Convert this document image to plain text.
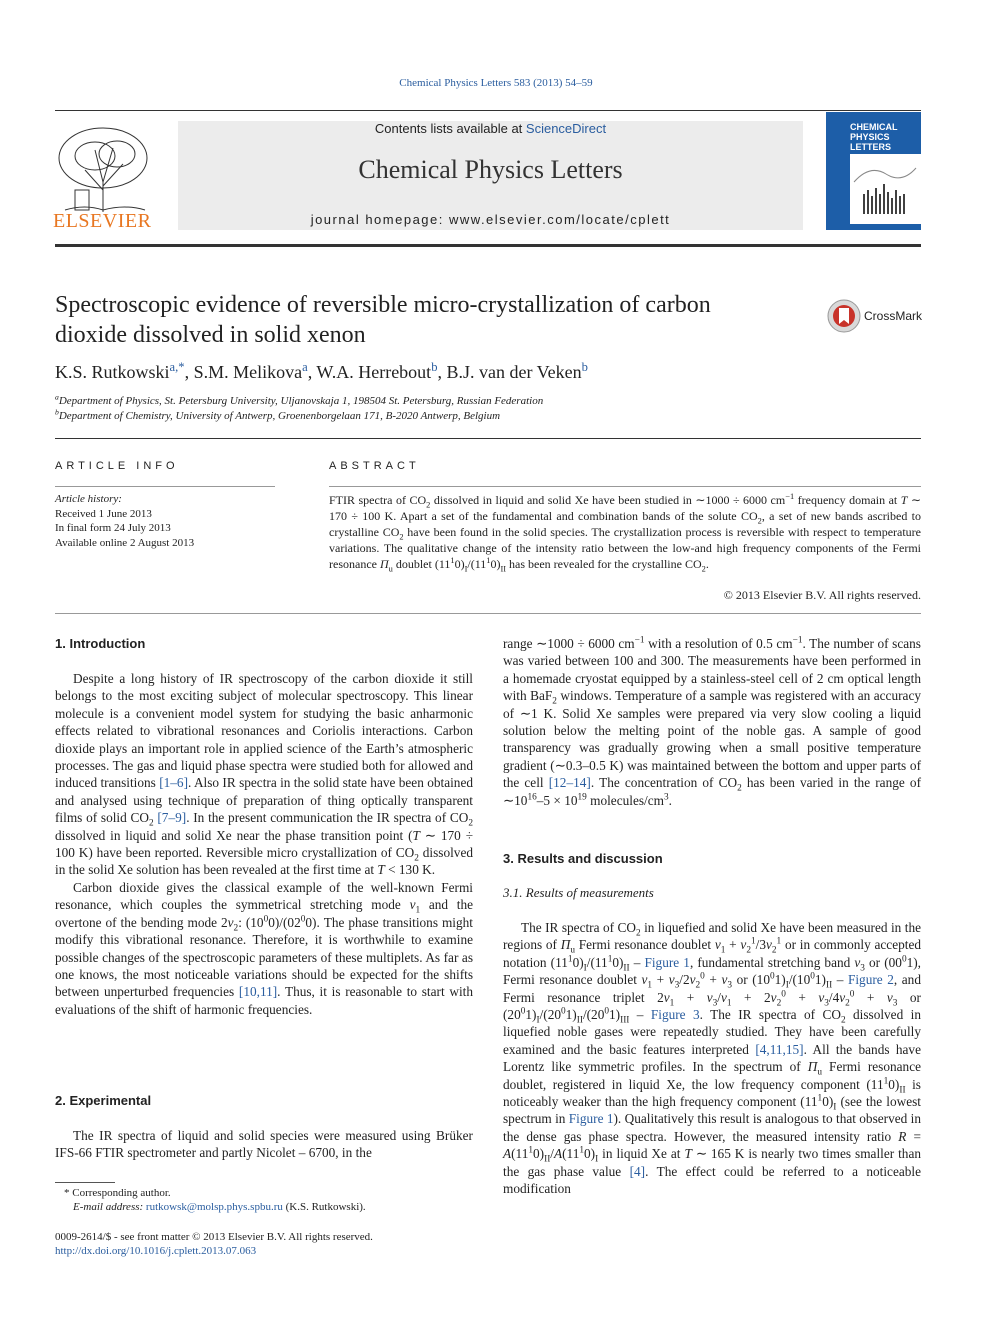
Chemical Physics Letters 583 (2013) 54–59
ELSEVIER
Contents lists available at ScienceDirect
Chemical Physics Letters
journal homepage: www.elsevier.com/locate/cplett
CHEMICAL
PHYSICS
LETTERS
Spectroscopic evidence of reversible micro-crystallization of carbon
dioxide dissolved in solid xenon
CrossMark
K.S. Rutkowski$^{a,*}$, S.M. Melikova$^a$, W.A. Herrebout$^b$, B.J. van der Veken$^b$
$^a$Department of Physics, St. Petersburg University, Uljanovskaja 1, 198504 St. Petersburg, Russian Federation
$^b$Department of Chemistry, University of Antwerp, Groenenborgelaan 171, B-2020 Antwerp, Belgium
ARTICLE INFO
Article history:
Received 1 June 2013
In final form 24 July 2013
Available online 2 August 2013
ABSTRACT
FTIR spectra of $CO_2$ dissolved in liquid and solid Xe have been studied in ∼1000 ÷ 6000 $cm^{-1}$ frequency domain at T ∼ 170 ÷ 100 K. Apart a set of the fundamental and combination bands of the solute $CO_2$, a set of new bands ascribed to crystalline $CO_2$ have been found in the solid species. The crystallization process is reversible with respect to temperature variations. The qualitative change of the intensity ratio between the low-and high frequency components of the Fermi resonance $\Pi_u$ doublet $(11^10)_I/(11^10)_{II}$ has been revealed for the crystalline $CO_2$.
© 2013 Elsevier B.V. All rights reserved.
1. Introduction

Despite a long history of IR spectroscopy of the carbon dioxide it still belongs to the most exciting subject of molecular spectroscopy. This linear molecule is a convenient model system for studying the basic anharmonic effects related to vibrational resonances and Coriolis interactions. Carbon dioxide plays an important role in applied science of the Earth’s atmospheric processes. The gas and liquid phase spectra were studied both for allowed and induced transitions [1–6]. Also IR spectra in the solid state have been obtained and analysed using technique of preparation of thing optically transparent films of solid $CO_2$ [7–9]. In the present communication the IR spectra of $CO_2$ dissolved in liquid and solid Xe near the phase transition point (T ∼ 170 ÷ 100 K) have been reported. Reversible micro crystallization of $CO_2$ dissolved in the solid Xe solution has been revealed at the first time at T < 130 K.

Carbon dioxide gives the classical example of the well-known Fermi resonance, which couples the symmetrical stretching mode $\nu_1$ and the overtone of the bending mode $2\nu_2$: $(10^00)/(02^00)$. The phase transitions might modify this vibrational resonance. Therefore, it is worthwhile to examine possible changes of the spectroscopic parameters of these multiplets. As far as one knows, the most noticeable variations should be expected for the shifts between unperturbed frequencies [10,11]. Thus, it is reasonable to start with evaluations of the shift of harmonic frequencies.

2. Experimental

The IR spectra of liquid and solid species were measured using Brüker IFS-66 FTIR spectrometer and partly Nicolet – 6700, in the

range ∼1000 ÷ 6000 $cm^{-1}$ with a resolution of 0.5 $cm^{-1}$. The number of scans was varied between 100 and 300. The measurements have been performed in a homemade cryostat equipped by a stainless-steel cell of 2 cm optical length with BaF$_2$ windows. Temperature of a sample was registered with an accuracy of ∼1 K. Solid Xe samples were prepared via very slow cooling a liquid solution below the melting point of the noble gas. A sample of good transparency was gradually growing when a small positive temperature gradient (∼0.3–0.5 K) was maintained between the bottom and upper parts of the cell [12–14]. The concentration of $CO_2$ has been varied in the range of $\sim 10^{16}-5 \times 10^{19}$ molecules/$cm^3$.

3. Results and discussion
3.1. Results of measurements

The IR spectra of $CO_2$ in liquefied and solid Xe have been measured in the regions of $\Pi_u$ Fermi resonance doublet $\nu_1 + \nu_2^1/3\nu_2^1$ or in commonly accepted notation $(11^10)_I/(11^10)_{II}$ – Figure 1, fundamental stretching band $\nu_3$ or $(00^01)$, Fermi resonance doublet $\nu_1 + \nu_3/2\nu_2^0 + \nu_3$ or $(10^01)_I/(10^01)_{II}$ – Figure 2, and Fermi resonance triplet $2\nu_1 + \nu_3/\nu_1 + 2\nu_2^0 + \nu_3/4\nu_2^0 + \nu_3$ or $(20^01)_I/(20^01)_{II}/(20^01)_{III}$ – Figure 3. The IR spectra of $CO_2$ dissolved in liquefied noble gases were repeatedly studied. They have been carefully examined and the basic features interpreted [4,11,15]. All the bands have Lorentz like symmetric profiles. In the spectrum of $\Pi_u$ Fermi resonance doublet, registered in liquid Xe, the low frequency component $(11^10)_{II}$ is noticeably weaker than the high frequency component $(11^10)_I$ (see the lowest spectrum in Figure 1). Qualitatively this result is analogous to that observed in the dense gas phase spectra. However, the measured intensity ratio $R = A(11^10)_{II}/A(11^10)_I$ in liquid Xe at T ∼ 165 K is nearly two times smaller than the gas phase value [4]. The effect could be referred to a noticeable modification

* Corresponding author.
E-mail address: rutkowsk@molsp.phys.spbu.ru (K.S. Rutkowski).
0009-2614/$ - see front matter © 2013 Elsevier B.V. All rights reserved.
http://dx.doi.org/10.1016/j.cplett.2013.07.063
